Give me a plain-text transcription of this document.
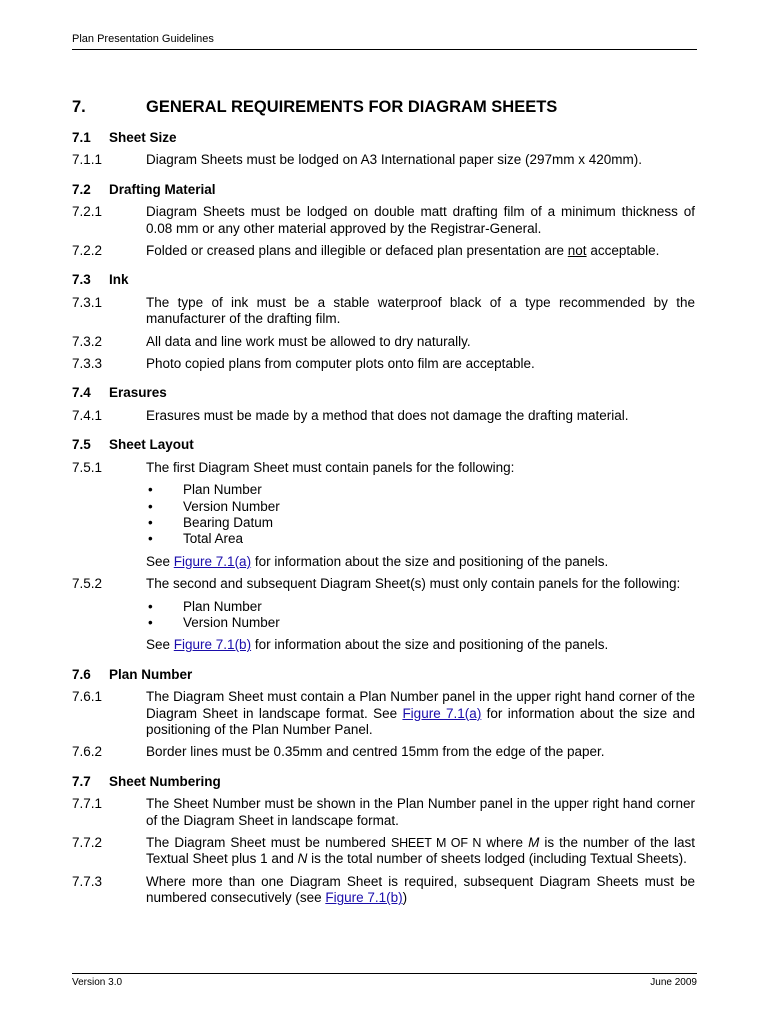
Plan Presentation Guidelines
7.	GENERAL REQUIREMENTS FOR DIAGRAM SHEETS
7.1	Sheet Size
7.1.1	Diagram Sheets must be lodged on A3 International paper size (297mm x 420mm).
7.2	Drafting Material
7.2.1	Diagram Sheets must be lodged on double matt drafting film of a minimum thickness of 0.08 mm or any other material approved by the Registrar-General.
7.2.2	Folded or creased plans and illegible or defaced plan presentation are not acceptable.
7.3	Ink
7.3.1	The type of ink must be a stable waterproof black of a type recommended by the manufacturer of the drafting film.
7.3.2	All data and line work must be allowed to dry naturally.
7.3.3	Photo copied plans from computer plots onto film are acceptable.
7.4	Erasures
7.4.1	Erasures must be made by a method that does not damage the drafting material.
7.5	Sheet Layout
7.5.1	The first Diagram Sheet must contain panels for the following:
•	Plan Number
•	Version Number
•	Bearing Datum
•	Total Area
See Figure 7.1(a) for information about the size and positioning of the panels.
7.5.2	The second and subsequent Diagram Sheet(s) must only contain panels for the following:
•	Plan Number
•	Version Number
See Figure 7.1(b) for information about the size and positioning of the panels.
7.6	Plan Number
7.6.1	The Diagram Sheet must contain a Plan Number panel in the upper right hand corner of the Diagram Sheet in landscape format. See Figure 7.1(a) for information about the size and positioning of the Plan Number Panel.
7.6.2	Border lines must be 0.35mm and centred 15mm from the edge of the paper.
7.7	Sheet Numbering
7.7.1	The Sheet Number must be shown in the Plan Number panel in the upper right hand corner of the Diagram Sheet in landscape format.
7.7.2	The Diagram Sheet must be numbered SHEET M OF N where M is the number of the last Textual Sheet plus 1 and N is the total number of sheets lodged (including Textual Sheets).
7.7.3	Where more than one Diagram Sheet is required, subsequent Diagram Sheets must be numbered consecutively (see Figure 7.1(b))
Version 3.0	June 2009
